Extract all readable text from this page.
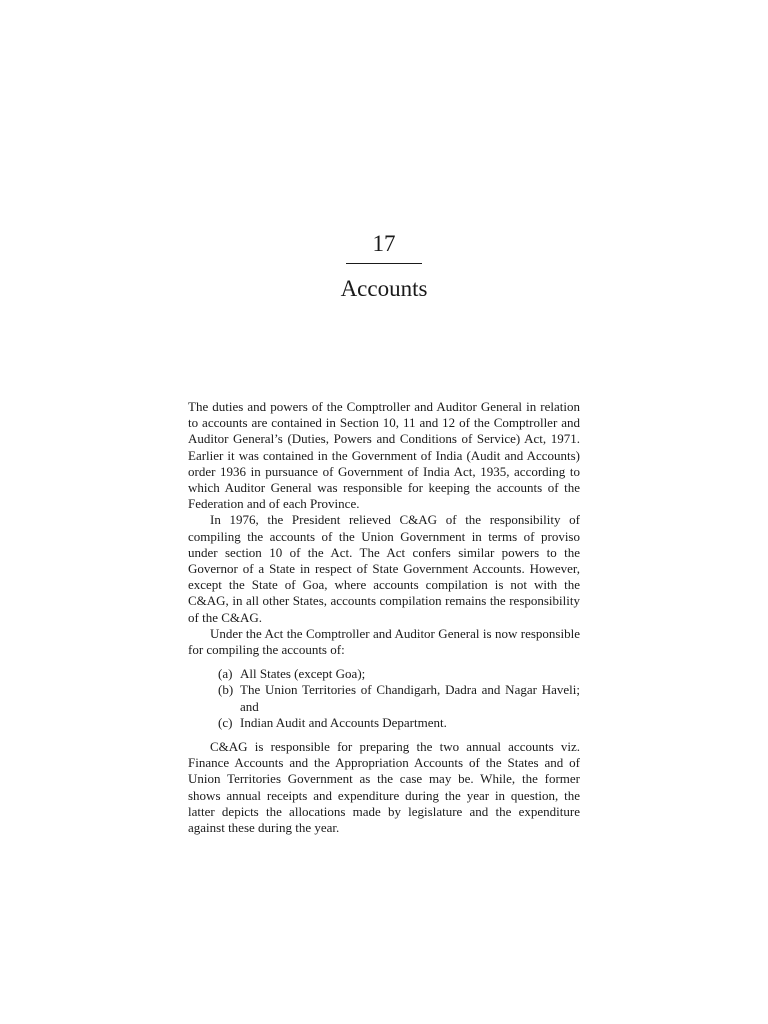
17
Accounts

The duties and powers of the Comptroller and Auditor General in relation to accounts are contained in Section 10, 11 and 12 of the Comptroller and Auditor General’s (Duties, Powers and Conditions of Service) Act, 1971. Earlier it was contained in the Government of India (Audit and Accounts) order 1936 in pursuance of Government of India Act, 1935, according to which Auditor General was responsible for keeping the accounts of the Federation and of each Province.

In 1976, the President relieved C&AG of the responsibility of compiling the accounts of the Union Government in terms of proviso under section 10 of the Act. The Act confers similar powers to the Governor of a State in respect of State Government Accounts. However, except the State of Goa, where accounts compilation is not with the C&AG, in all other States, accounts compilation remains the responsibility of the C&AG.

Under the Act the Comptroller and Auditor General is now responsible for compiling the accounts of:

(a) All States (except Goa);
(b) The Union Territories of Chandigarh, Dadra and Nagar Haveli; and
(c) Indian Audit and Accounts Department.

C&AG is responsible for preparing the two annual accounts viz. Finance Accounts and the Appropriation Accounts of the States and of Union Territories Government as the case may be. While, the former shows annual receipts and expenditure during the year in question, the latter depicts the allocations made by legislature and the expenditure against these during the year.
